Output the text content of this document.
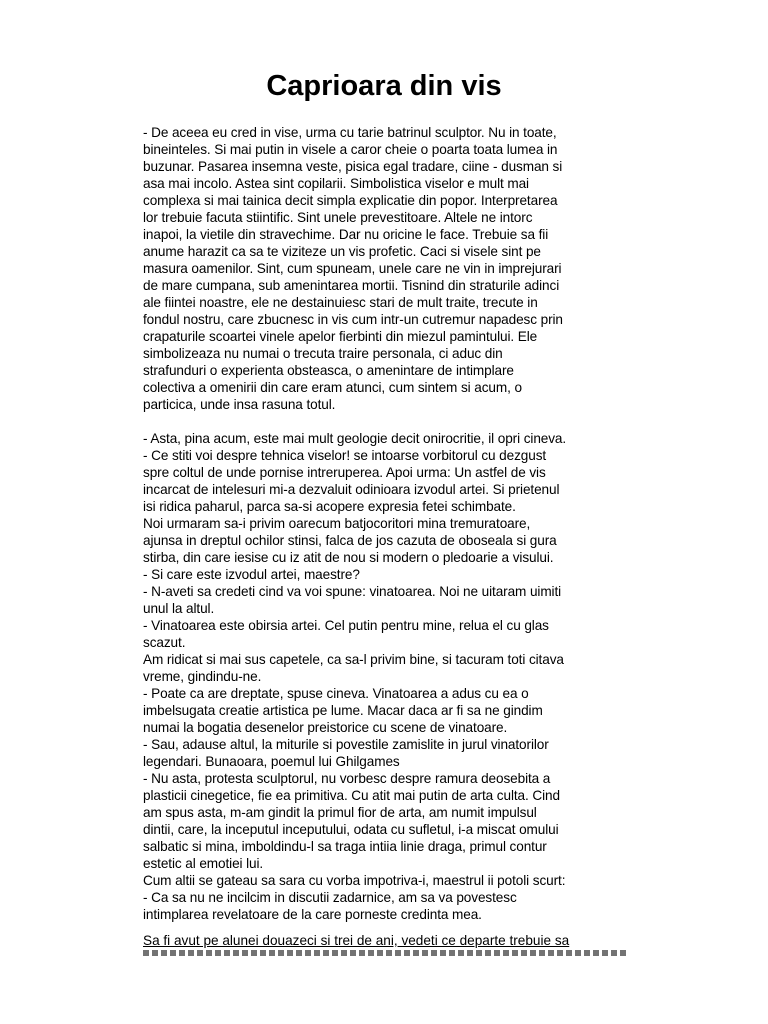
Caprioara din vis
- De aceea eu cred in vise, urma cu tarie batrinul sculptor. Nu in toate,
bineinteles. Si mai putin in visele a caror cheie o poarta toata lumea in
buzunar. Pasarea insemna veste, pisica egal tradare, ciine - dusman si
asa mai incolo. Astea sint copilarii. Simbolistica viselor e mult mai
complexa si mai tainica decit simpla explicatie din popor. Interpretarea
lor trebuie facuta stiintific. Sint unele prevestitoare. Altele ne intorc
inapoi, la vietile din stravechime. Dar nu oricine le face. Trebuie sa fii
anume harazit ca sa te viziteze un vis profetic. Caci si visele sint pe
masura oamenilor. Sint, cum spuneam, unele care ne vin in imprejurari
de mare cumpana, sub amenintarea mortii. Tisnind din straturile adinci
ale fiintei noastre, ele ne destainuiesc stari de mult traite, trecute in
fondul nostru, care zbucnesc in vis cum intr-un cutremur napadesc prin
crapaturile scoartei vinele apelor fierbinti din miezul pamintului. Ele
simbolizeaza nu numai o trecuta traire personala, ci aduc din
strafunduri o experienta obsteasca, o amenintare de intimplare
colectiva a omenirii din care eram atunci, cum sintem si acum, o
particica, unde insa rasuna totul.
- Asta, pina acum, este mai mult geologie decit onirocritie, il opri cineva.
- Ce stiti voi despre tehnica viselor! se intoarse vorbitorul cu dezgust
spre coltul de unde pornise intreruperea. Apoi urma: Un astfel de vis
incarcat de intelesuri mi-a dezvaluit odinioara izvodul artei. Si prietenul
isi ridica paharul, parca sa-si acopere expresia fetei schimbate.
Noi urmaram sa-i privim oarecum batjocoritori mina tremuratoare,
ajunsa in dreptul ochilor stinsi, falca de jos cazuta de oboseala si gura
stirba, din care iesise cu iz atit de nou si modern o pledoarie a visului.
- Si care este izvodul artei, maestre?
- N-aveti sa credeti cind va voi spune: vinatoarea. Noi ne uitaram uimiti
unul la altul.
- Vinatoarea este obirsia artei. Cel putin pentru mine, relua el cu glas
scazut.
Am ridicat si mai sus capetele, ca sa-l privim bine, si tacuram toti citava
vreme, gindindu-ne.
- Poate ca are dreptate, spuse cineva. Vinatoarea a adus cu ea o
imbelsugata creatie artistica pe lume. Macar daca ar fi sa ne gindim
numai la bogatia desenelor preistorice cu scene de vinatoare.
- Sau, adause altul, la miturile si povestile zamislite in jurul vinatorilor
legendari. Bunaoara, poemul lui Ghilgames
- Nu asta, protesta sculptorul, nu vorbesc despre ramura deosebita a
plasticii cinegetice, fie ea primitiva. Cu atit mai putin de arta culta. Cind
am spus asta, m-am gindit la primul fior de arta, am numit impulsul
dintii, care, la inceputul inceputului, odata cu sufletul, i-a miscat omului
salbatic si mina, imboldindu-l sa traga intiia linie draga, primul contur
estetic al emotiei lui.
Cum altii se gateau sa sara cu vorba impotriva-i, maestrul ii potoli scurt:
- Ca sa nu ne incilcim in discutii zadarnice, am sa va povestesc
intimplarea revelatoare de la care porneste credinta mea.
Sa fi avut pe alunei douazeci si trei de ani, vedeti ce departe trebuie sa
